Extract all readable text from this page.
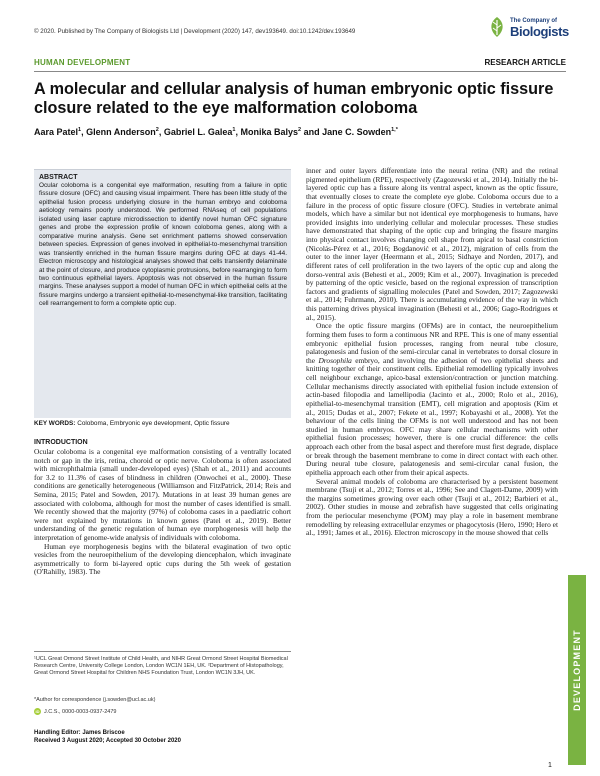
© 2020. Published by The Company of Biologists Ltd | Development (2020) 147, dev193649. doi:10.1242/dev.193649
The Company of
Biologists
HUMAN DEVELOPMENT	RESEARCH ARTICLE
A molecular and cellular analysis of human embryonic optic fissure closure related to the eye malformation coloboma
Aara Patel$^1$, Glenn Anderson$^2$, Gabriel L. Galea$^1$, Monika Balys$^2$ and Jane C. Sowden$^{1,*}$
ABSTRACT

Ocular coloboma is a congenital eye malformation, resulting from a failure in optic fissure closure (OFC) and causing visual impairment. There has been little study of the epithelial fusion process underlying closure in the human embryo and coloboma aetiology remains poorly understood. We performed RNAseq of cell populations isolated using laser capture microdissection to identify novel human OFC signature genes and probe the expression profile of known coloboma genes, along with a comparative murine analysis. Gene set enrichment patterns showed conservation between species. Expression of genes involved in epithelial-to-mesenchymal transition was transiently enriched in the human fissure margins during OFC at days 41-44. Electron microscopy and histological analyses showed that cells transiently delaminate at the point of closure, and produce cytoplasmic protrusions, before rearranging to form two continuous epithelial layers. Apoptosis was not observed in the human fissure margins. These analyses support a model of human OFC in which epithelial cells at the fissure margins undergo a transient epithelial-to-mesenchymal-like transition, facilitating cell rearrangement to form a complete optic cup.

KEY WORDS: Coloboma, Embryonic eye development, Optic fissure
INTRODUCTION

Ocular coloboma is a congenital eye malformation consisting of a ventrally located notch or gap in the iris, retina, choroid or optic nerve. Coloboma is often associated with microphthalmia (small under-developed eyes) (Shah et al., 2011) and accounts for 3.2 to 11.3% of cases of blindness in children (Onwochei et al., 2000). These conditions are genetically heterogeneous (Williamson and FitzPatrick, 2014; Reis and Semina, 2015; Patel and Sowden, 2017). Mutations in at least 39 human genes are associated with coloboma, although for most the number of cases identified is small. We recently showed that the majority (97%) of coloboma cases in a paediatric cohort were not explained by mutations in known genes (Patel et al., 2019). Better understanding of the genetic regulation of human eye morphogenesis will help the interpretation of genome-wide analysis of individuals with coloboma.

Human eye morphogenesis begins with the bilateral evagination of two optic vesicles from the neuroepithelium of the developing diencephalon, which invaginate asymmetrically to form bi-layered optic cups during the 5th week of gestation (O'Rahilly, 1983). The

¹UCL Great Ormond Street Institute of Child Health, and NIHR Great Ormond Street Hospital Biomedical Research Centre, University College London, London WC1N 1EH, UK. ²Department of Histopathology, Great Ormond Street Hospital for Children NHS Foundation Trust, London WC1N 3JH, UK.
*Author for correspondence (j.sowden@ucl.ac.uk)
iD J.C.S., 0000-0003-0937-2479
Handling Editor: James Briscoe
Received 3 August 2020; Accepted 30 October 2020

inner and outer layers differentiate into the neural retina (NR) and the retinal pigmented epithelium (RPE), respectively (Zagozewski et al., 2014). Initially the bi-layered optic cup has a fissure along its ventral aspect, known as the optic fissure, that eventually closes to create the complete eye globe. Coloboma occurs due to a failure in the process of optic fissure closure (OFC). Studies in vertebrate animal models, which have a similar but not identical eye morphogenesis to humans, have provided insights into underlying cellular and molecular processes. These studies have demonstrated that shaping of the optic cup and bringing the fissure margins into physical contact involves changing cell shape from apical to basal constriction (Nicolás-Pérez et al., 2016; Bogdanović et al., 2012), migration of cells from the outer to the inner layer (Heermann et al., 2015; Sidhaye and Norden, 2017), and different rates of cell proliferation in the two layers of the optic cup and along the dorso-ventral axis (Behesti et al., 2009; Kim et al., 2007). Invagination is preceded by patterning of the optic vesicle, based on the regional expression of transcription factors and gradients of signalling molecules (Patel and Sowden, 2017; Zagozewski et al., 2014; Fuhrmann, 2010). There is accumulating evidence of the way in which this patterning drives physical invagination (Behesti et al., 2006; Gago-Rodrigues et al., 2015).

Once the optic fissure margins (OFMs) are in contact, the neuroepithelium forming them fuses to form a continuous NR and RPE. This is one of many essential embryonic epithelial fusion processes, ranging from neural tube closure, palatogenesis and fusion of the semi-circular canal in vertebrates to dorsal closure in the Drosophila embryo, and involving the adhesion of two epithelial sheets and knitting together of their constituent cells. Epithelial remodelling typically involves cell neighbour exchange, apico-basal extension/contraction or junction matching. Cellular mechanisms directly associated with epithelial fusion include extension of actin-based filopodia and lamellipodia (Jacinto et al., 2000; Rolo et al., 2016), epithelial-to-mesenchymal transition (EMT), cell migration and apoptosis (Kim et al., 2015; Dudas et al., 2007; Fekete et al., 1997; Kobayashi et al., 2008). Yet the behaviour of the cells lining the OFMs is not well understood and has not been studied in human embryos. OFC may share cellular mechanisms with other epithelial fusion processes; however, there is one crucial difference: the cells approach each other from the basal aspect and therefore must first degrade, displace or break through the basement membrane to come in direct contact with each other. During neural tube closure, palatogenesis and semi-circular canal fusion, the epithelia approach each other from their apical aspects.

Several animal models of coloboma are characterised by a persistent basement membrane (Tsuji et al., 2012; Torres et al., 1996; See and Clagett-Dame, 2009) with the margins sometimes growing over each other (Tsuji et al., 2012; Barbieri et al., 2002). Other studies in mouse and zebrafish have suggested that cells originating from the periocular mesenchyme (POM) may play a role in basement membrane remodelling by releasing extracellular enzymes or phagocytosis (Hero, 1990; Hero et al., 1991; James et al., 2016). Electron microscopy in the mouse showed that cells

DEVELOPMENT
1
